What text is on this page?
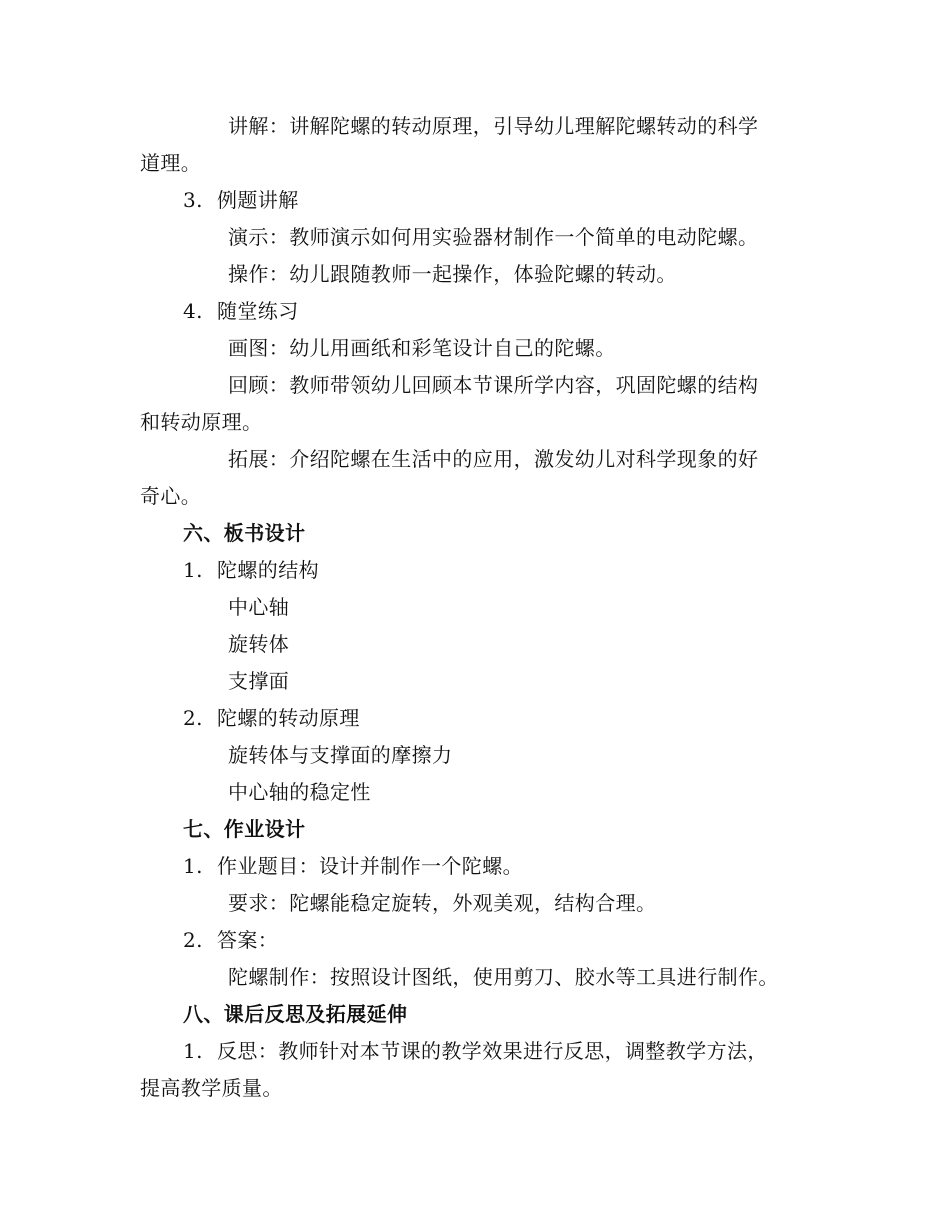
讲解：讲解陀螺的转动原理，引导幼儿理解陀螺转动的科学
道理。
3. 例题讲解
演示：教师演示如何用实验器材制作一个简单的电动陀螺。
操作：幼儿跟随教师一起操作，体验陀螺的转动。
4. 随堂练习
画图：幼儿用画纸和彩笔设计自己的陀螺。
回顾：教师带领幼儿回顾本节课所学内容，巩固陀螺的结构
和转动原理。
拓展：介绍陀螺在生活中的应用，激发幼儿对科学现象的好
奇心。
六、板书设计
1. 陀螺的结构
中心轴
旋转体
支撑面
2. 陀螺的转动原理
旋转体与支撑面的摩擦力
中心轴的稳定性
七、作业设计
1. 作业题目：设计并制作一个陀螺。
要求：陀螺能稳定旋转，外观美观，结构合理。
2. 答案：
陀螺制作：按照设计图纸，使用剪刀、胶水等工具进行制作。
八、课后反思及拓展延伸
1. 反思：教师针对本节课的教学效果进行反思，调整教学方法，
提高教学质量。
